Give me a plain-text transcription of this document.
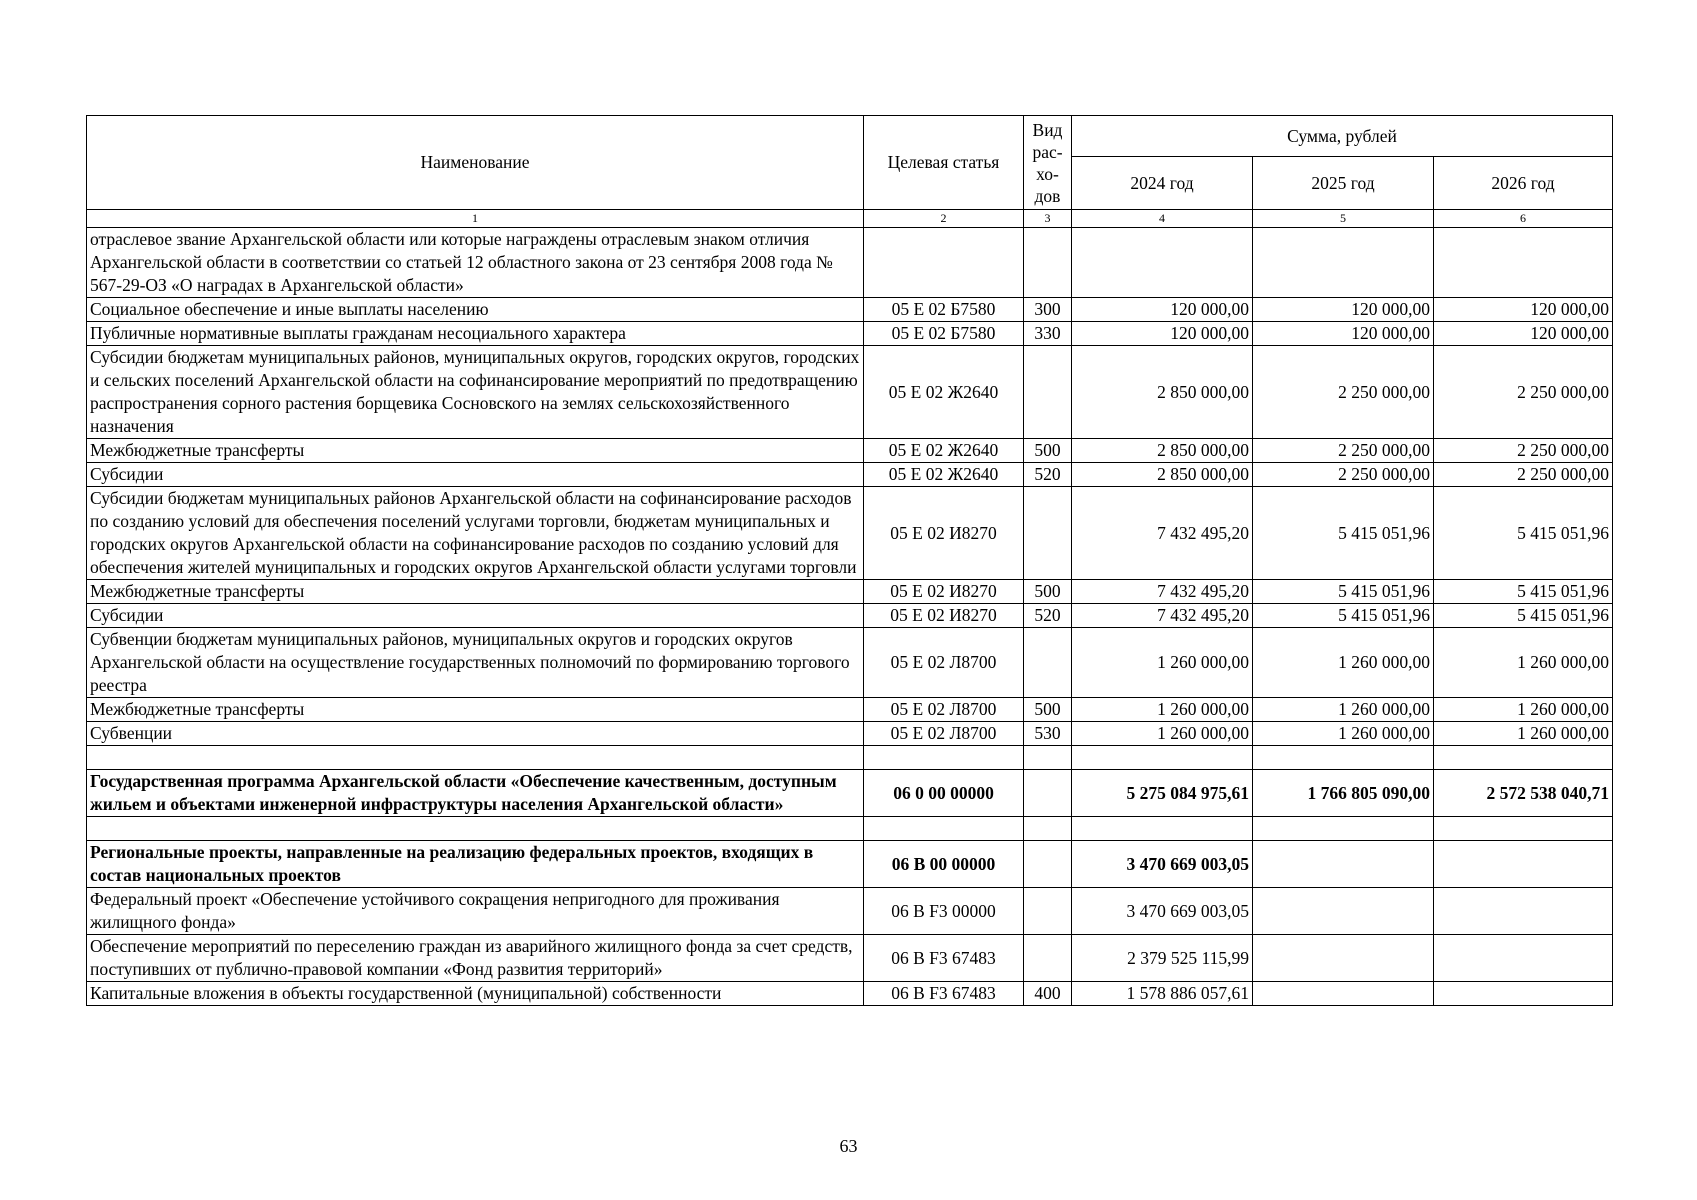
Наименование	Целевая статья	Вид рас-хо-дов	Сумма, рублей		
			2024 год	2025 год	2026 год
1	2	3	4	5	6
отраслевое звание Архангельской области или которые награждены отраслевым знаком отличия Архангельской области в соответствии со статьей 12 областного закона от 23 сентября 2008 года № 567-29-ОЗ «О наградах в Архангельской области»					
Социальное обеспечение и иные выплаты населению	05 Е 02 Б7580	300	120 000,00	120 000,00	120 000,00
Публичные нормативные выплаты гражданам несоциального характера	05 Е 02 Б7580	330	120 000,00	120 000,00	120 000,00
Субсидии бюджетам муниципальных районов, муниципальных округов, городских округов, городских и сельских поселений Архангельской области на софинансирование мероприятий по предотвращению распространения сорного растения борщевика Сосновского на землях сельскохозяйственного назначения	05 Е 02 Ж2640		2 850 000,00	2 250 000,00	2 250 000,00
Межбюджетные трансферты	05 Е 02 Ж2640	500	2 850 000,00	2 250 000,00	2 250 000,00
Субсидии	05 Е 02 Ж2640	520	2 850 000,00	2 250 000,00	2 250 000,00
Субсидии бюджетам муниципальных районов Архангельской области на софинансирование расходов по созданию условий для обеспечения поселений услугами торговли, бюджетам муниципальных и городских округов Архангельской области на софинансирование расходов по созданию условий для обеспечения жителей муниципальных и городских округов Архангельской области услугами торговли	05 Е 02 И8270		7 432 495,20	5 415 051,96	5 415 051,96
Межбюджетные трансферты	05 Е 02 И8270	500	7 432 495,20	5 415 051,96	5 415 051,96
Субсидии	05 Е 02 И8270	520	7 432 495,20	5 415 051,96	5 415 051,96
Субвенции бюджетам муниципальных районов, муниципальных округов и городских округов Архангельской области на осуществление государственных полномочий по формированию торгового реестра	05 Е 02 Л8700		1 260 000,00	1 260 000,00	1 260 000,00
Межбюджетные трансферты	05 Е 02 Л8700	500	1 260 000,00	1 260 000,00	1 260 000,00
Субвенции	05 Е 02 Л8700	530	1 260 000,00	1 260 000,00	1 260 000,00

Государственная программа Архангельской области «Обеспечение качественным, доступным жильем и объектами инженерной инфраструктуры населения Архангельской области»	06 0 00 00000		5 275 084 975,61	1 766 805 090,00	2 572 538 040,71

Региональные проекты, направленные на реализацию федеральных проектов, входящих в состав национальных проектов	06 В 00 00000		3 470 669 003,05		
Федеральный проект «Обеспечение устойчивого сокращения непригодного для проживания жилищного фонда»	06 В F3 00000		3 470 669 003,05		
Обеспечение мероприятий по переселению граждан из аварийного жилищного фонда за счет средств, поступивших от публично-правовой компании «Фонд развития территорий»	06 В F3 67483		2 379 525 115,99		
Капитальные вложения в объекты государственной (муниципальной) собственности	06 В F3 67483	400	1 578 886 057,61		
63
